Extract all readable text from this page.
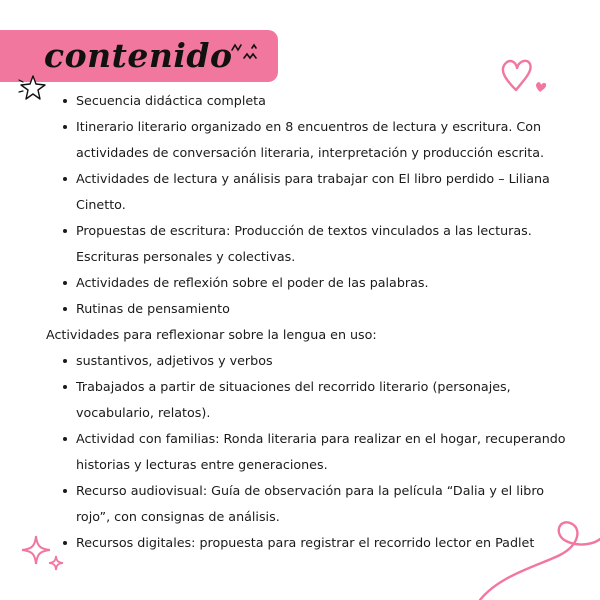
contenido
Secuencia didáctica completa
Itinerario literario organizado en 8 encuentros de lectura y escritura. Con actividades de conversación literaria, interpretación y producción escrita.
Actividades de lectura y análisis para trabajar con El libro perdido – Liliana Cinetto.
Propuestas de escritura: Producción de textos vinculados a las lecturas. Escrituras personales y colectivas.
Actividades de reflexión sobre el poder de las palabras.
Rutinas de pensamiento

Actividades para reflexionar sobre la lengua en uso:

sustantivos, adjetivos y verbos
Trabajados a partir de situaciones del recorrido literario (personajes, vocabulario, relatos).
Actividad con familias: Ronda literaria para realizar en el hogar, recuperando historias y lecturas entre generaciones.
Recurso audiovisual: Guía de observación para la película “Dalia y el libro rojo”, con consignas de análisis.
Recursos digitales: propuesta para registrar el recorrido lector en Padlet
